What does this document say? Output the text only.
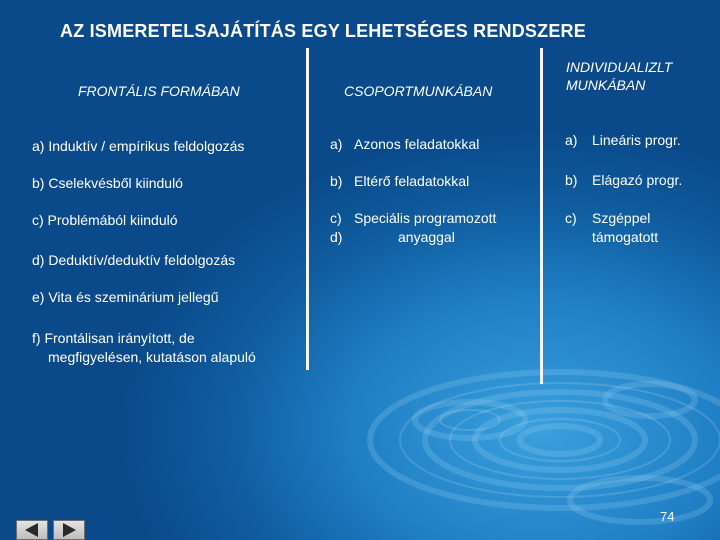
AZ ISMERETELSAJÁTÍTÁS EGY LEHETSÉGES RENDSZERE
FRONTÁLIS FORMÁBAN	CSOPORTMUNKÁBAN
INDIVIDUALIZLT
MUNKÁBAN
a) Induktív / empírikus feldolgozás
b) Cselekvésből kiinduló
c) Problémából kiinduló
d) Deduktív/deduktív feldolgozás
e) Vita és szeminárium jellegű
f) Frontálisan irányított, de
megfigyelésen, kutatáson alapuló
a) Azonos feladatokkal
b) Eltérő feladatokkal
c) Speciális programozott
d)	anyaggal
a) Lineáris progr.
b) Elágazó progr.
c) Szgéppel
támogatott
74
